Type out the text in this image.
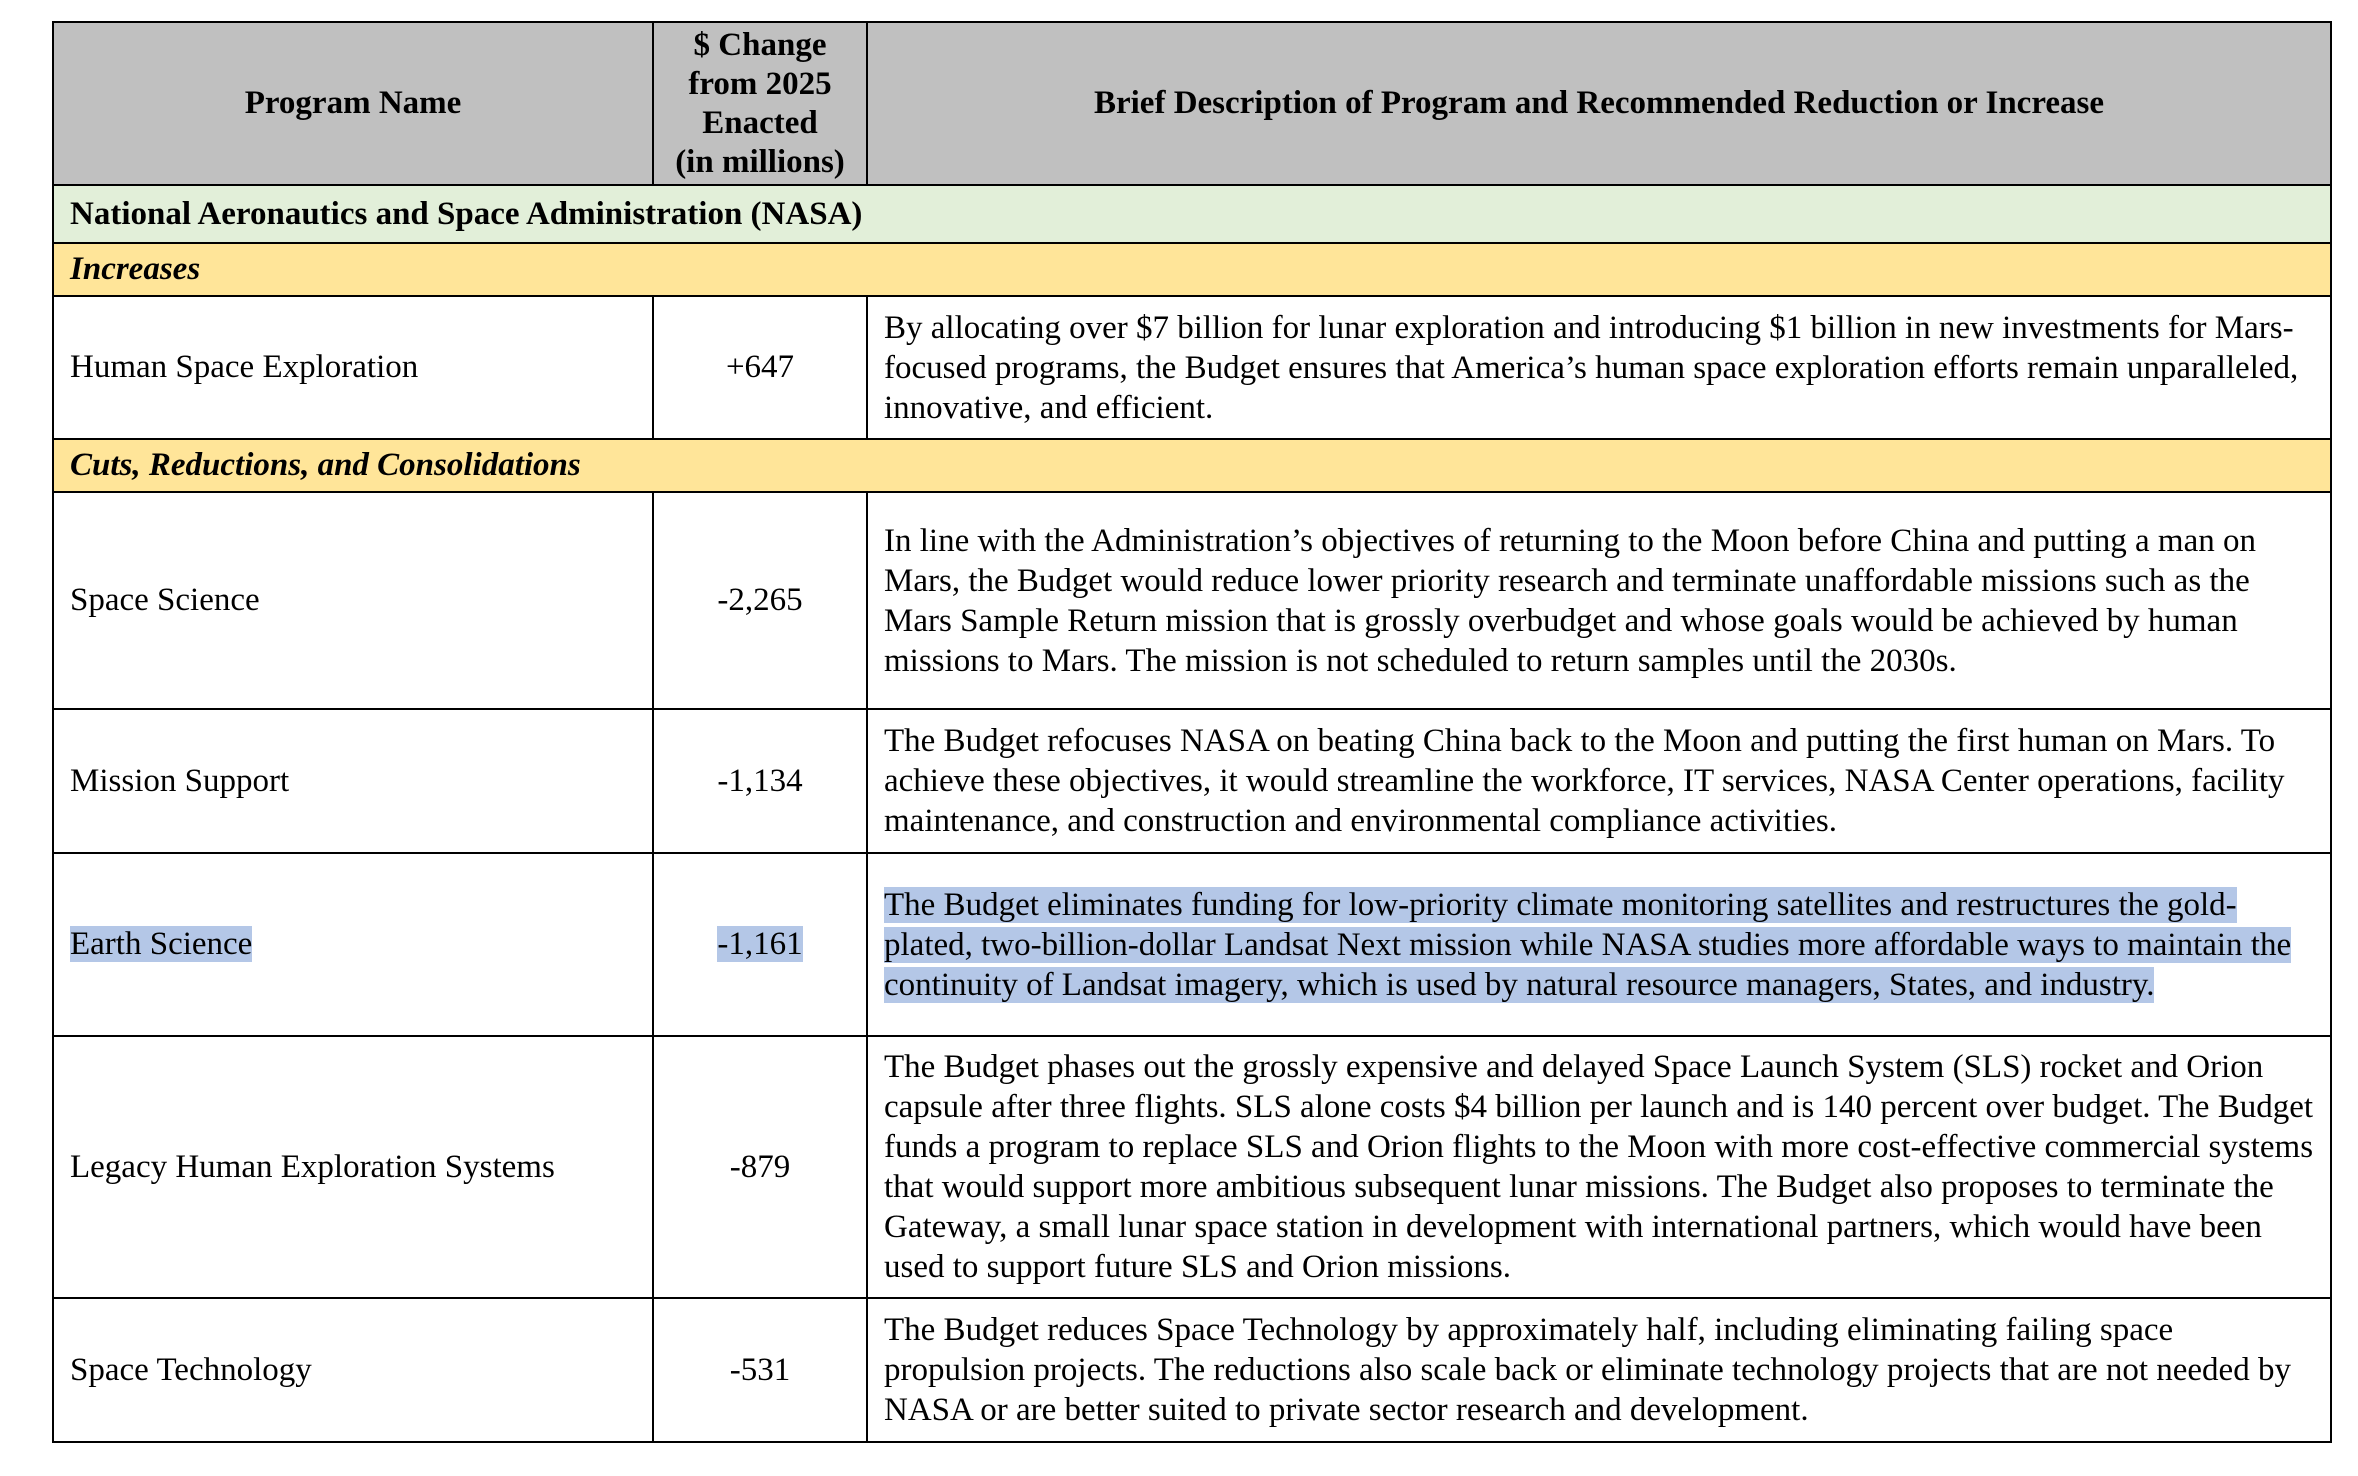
Program Name	$ Change
from 2025
Enacted
(in millions)	Brief Description of Program and Recommended Reduction or Increase
National Aeronautics and Space Administration (NASA)		
Increases		
Human Space Exploration	+647	By allocating over $7 billion for lunar exploration and introducing $1 billion in new investments for Mars-focused programs, the Budget ensures that America’s human space exploration efforts remain unparalleled, innovative, and efficient.
Cuts, Reductions, and Consolidations		
Space Science	-2,265	In line with the Administration’s objectives of returning to the Moon before China and putting a man on Mars, the Budget would reduce lower priority research and terminate unaffordable missions such as the Mars Sample Return mission that is grossly overbudget and whose goals would be achieved by human missions to Mars. The mission is not scheduled to return samples until the 2030s.
Mission Support	-1,134	The Budget refocuses NASA on beating China back to the Moon and putting the first human on Mars. To achieve these objectives, it would streamline the workforce, IT services, NASA Center operations, facility maintenance, and construction and environmental compliance activities.
Earth Science	-1,161	The Budget eliminates funding for low-priority climate monitoring satellites and restructures the gold-plated, two-billion-dollar Landsat Next mission while NASA studies more affordable ways to maintain the continuity of Landsat imagery, which is used by natural resource managers, States, and industry.
Legacy Human Exploration Systems	-879	The Budget phases out the grossly expensive and delayed Space Launch System (SLS) rocket and Orion capsule after three flights. SLS alone costs $4 billion per launch and is 140 percent over budget. The Budget funds a program to replace SLS and Orion flights to the Moon with more cost-effective commercial systems that would support more ambitious subsequent lunar missions. The Budget also proposes to terminate the Gateway, a small lunar space station in development with international partners, which would have been used to support future SLS and Orion missions.
Space Technology	-531	The Budget reduces Space Technology by approximately half, including eliminating failing space propulsion projects. The reductions also scale back or eliminate technology projects that are not needed by NASA or are better suited to private sector research and development.
